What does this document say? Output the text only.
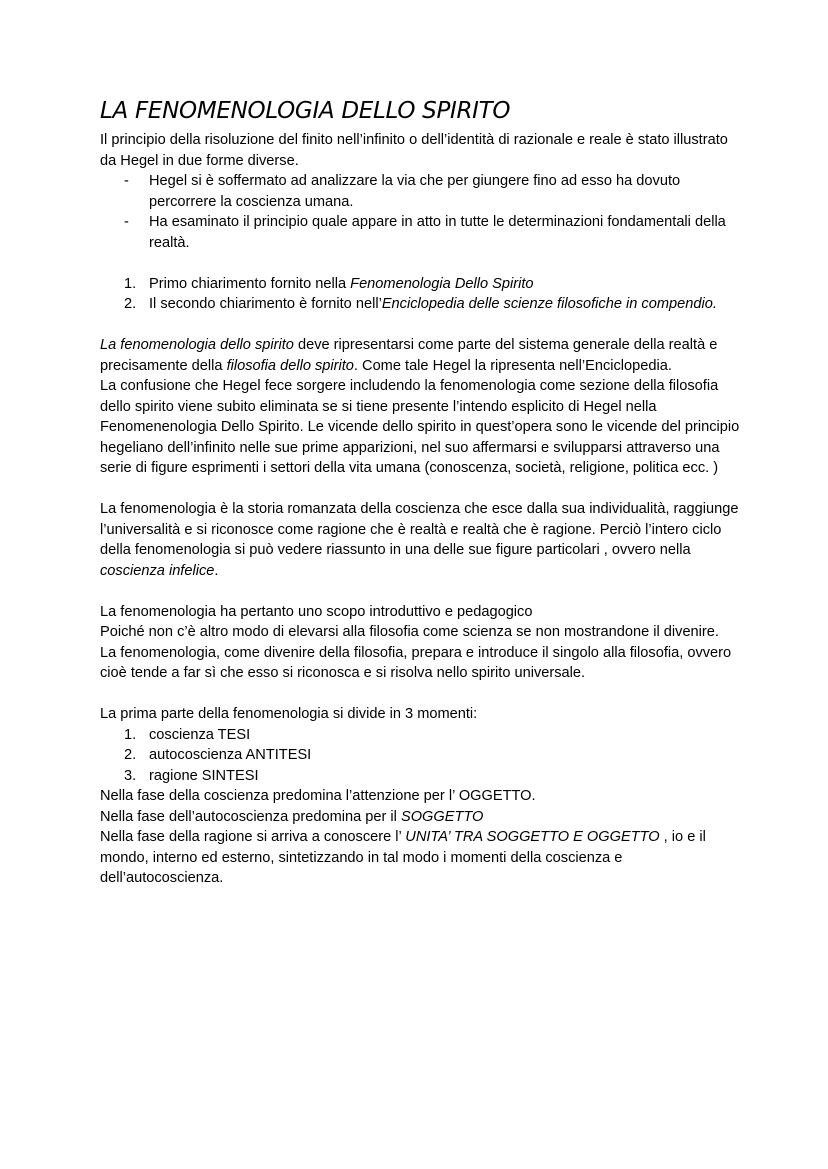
LA FENOMENOLOGIA DELLO SPIRITO

Il principio della risoluzione del finito nell’infinito o dell’identità di razionale e reale è stato illustrato da Hegel in due forme diverse.

- Hegel si è soffermato ad analizzare la via che per giungere fino ad esso ha dovuto percorrere la coscienza umana.
- Ha esaminato il principio quale appare in atto in tutte le determinazioni fondamentali della realtà.
1. Primo chiarimento fornito nella Fenomenologia Dello Spirito
2. Il secondo chiarimento è fornito nell’Enciclopedia delle scienze filosofiche in compendio.

La fenomenologia dello spirito deve ripresentarsi come parte del sistema generale della realtà e precisamente della filosofia dello spirito. Come tale Hegel la ripresenta nell’Enciclopedia.

La confusione che Hegel fece sorgere includendo la fenomenologia come sezione della filosofia dello spirito viene subito eliminata se si tiene presente l’intendo esplicito di Hegel nella Fenomenenologia Dello Spirito. Le vicende dello spirito in quest’opera sono le vicende del principio hegeliano dell’infinito nelle sue prime apparizioni, nel suo affermarsi e svilupparsi attraverso una serie di figure esprimenti i settori della vita umana (conoscenza, società, religione, politica ecc. )

La fenomenologia è la storia romanzata della coscienza che esce dalla sua individualità, raggiunge l’universalità e si riconosce come ragione che è realtà e realtà che è ragione. Perciò l’intero ciclo della fenomenologia si può vedere riassunto in una delle sue figure particolari , ovvero nella coscienza infelice.

La fenomenologia ha pertanto uno scopo introduttivo e pedagogico

Poiché non c’è altro modo di elevarsi alla filosofia come scienza se non mostrandone il divenire.

La fenomenologia, come divenire della filosofia, prepara e introduce il singolo alla filosofia, ovvero cioè tende a far sì che esso si riconosca e si risolva nello spirito universale.

La prima parte della fenomenologia si divide in 3 momenti:

1. coscienza TESI
2. autocoscienza ANTITESI
3. ragione SINTESI

Nella fase della coscienza predomina l’attenzione per l’ OGGETTO.

Nella fase dell’autocoscienza predomina per il SOGGETTO

Nella fase della ragione si arriva a conoscere l’ UNITA’ TRA SOGGETTO E OGGETTO , io e il mondo, interno ed esterno, sintetizzando in tal modo i momenti della coscienza e dell’autocoscienza.
